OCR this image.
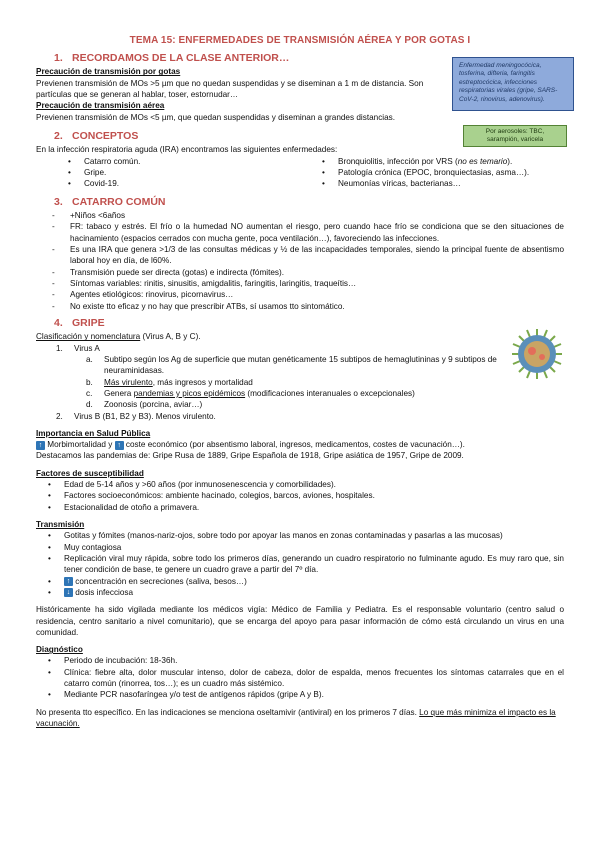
TEMA 15: ENFERMEDADES DE TRANSMISIÓN AÉREA Y POR GOTAS I
Enfermedad meningocócica, tosferina, difteria, faringitis estreptocócica, infecciones respiratorias virales (gripe, SARS-CoV-2, rinovirus, adenovirus).
Por aerosoles: TBC, sarampión, varicela
1. RECORDAMOS DE LA CLASE ANTERIOR…
Precaución de transmisión por gotas

Previenen transmisión de MOs >5 µm que no quedan suspendidas y se diseminan a 1 m de distancia. Son partículas que se generan al hablar, toser, estornudar…

Precaución de transmisión aérea

Previenen transmisión de MOs <5 µm, que quedan suspendidas y diseminan a grandes distancias.

2. CONCEPTOS

En la infección respiratoria aguda (IRA) encontramos las siguientes enfermedades:

• Catarro común.
• Gripe.
• Covid-19.
• Bronquiolitis, infección por VRS (no es temario).
• Patología crónica (EPOC, bronquiectasias, asma…).
• Neumonías víricas, bacterianas…
3. CATARRO COMÚN
- +Niños <6años
- FR: tabaco y estrés. El frío o la humedad NO aumentan el riesgo, pero cuando hace frío se condiciona que se den situaciones de hacinamiento (espacios cerrados con mucha gente, poca ventilación…), favoreciendo las infecciones.
- Es una IRA que genera >1/3 de las consultas médicas y ½ de las incapacidades temporales, siendo la principal fuente de absentismo laboral hoy en día, de l60%.
- Transmisión puede ser directa (gotas) e indirecta (fómites).
- Síntomas variables: rinitis, sinusitis, amigdalitis, faringitis, laringitis, traqueítis…
- Agentes etiológicos: rinovirus, picornavirus…
- No existe tto eficaz y no hay que prescribir ATBs, sí usamos tto sintomático.
4. GRIPE

Clasificación y nomenclatura (Virus A, B y C).

1. Virus A
a. Subtipo según los Ag de superficie que mutan genéticamente 15 subtipos de hemaglutininas y 9 subtipos de neuraminidasas.
b. Más virulento, más ingresos y mortalidad
c. Genera pandemias y picos epidémicos (modificaciones interanuales o excepcionales)
d. Zoonosis (porcina, aviar…)
2. Virus B (B1, B2 y B3). Menos virulento.
Importancia en Salud Pública

↑ Morbimortalidad y ↑ coste económico (por absentismo laboral, ingresos, medicamentos, costes de vacunación…).

Destacamos las pandemias de: Gripe Rusa de 1889, Gripe Española de 1918, Gripe asiática de 1957, Gripe de 2009.

Factores de susceptibilidad
• Edad de 5-14 años y >60 años (por inmunosenescencia y comorbilidades).
• Factores socioeconómicos: ambiente hacinado, colegios, barcos, aviones, hospitales.
• Estacionalidad de otoño a primavera.
Transmisión
• Gotitas y fómites (manos-nariz-ojos, sobre todo por apoyar las manos en zonas contaminadas y pasarlas a las mucosas)
• Muy contagiosa
• Replicación viral muy rápida, sobre todo los primeros días, generando un cuadro respiratorio no fulminante agudo. Es muy raro que, sin tener condición de base, te genere un cuadro grave a partir del 7º día.
• ↑ concentración en secreciones (saliva, besos…)
• ↓ dosis infecciosa

Históricamente ha sido vigilada mediante los médicos vigía: Médico de Familia y Pediatra. Es el responsable voluntario (centro salud o residencia, centro sanitario a nivel comunitario), que se encarga del apoyo para pasar información de cómo está circulando un virus en una comunidad.

Diagnóstico
• Periodo de incubación: 18-36h.
• Clínica: fiebre alta, dolor muscular intenso, dolor de cabeza, dolor de espalda, menos frecuentes los síntomas catarrales que en el catarro común (rinorrea, tos…); es un cuadro más sistémico.
• Mediante PCR nasofaríngea y/o test de antígenos rápidos (gripe A y B).

No presenta tto específico. En las indicaciones se menciona oseltamivir (antiviral) en los primeros 7 días. Lo que más minimiza el impacto es la vacunación.
